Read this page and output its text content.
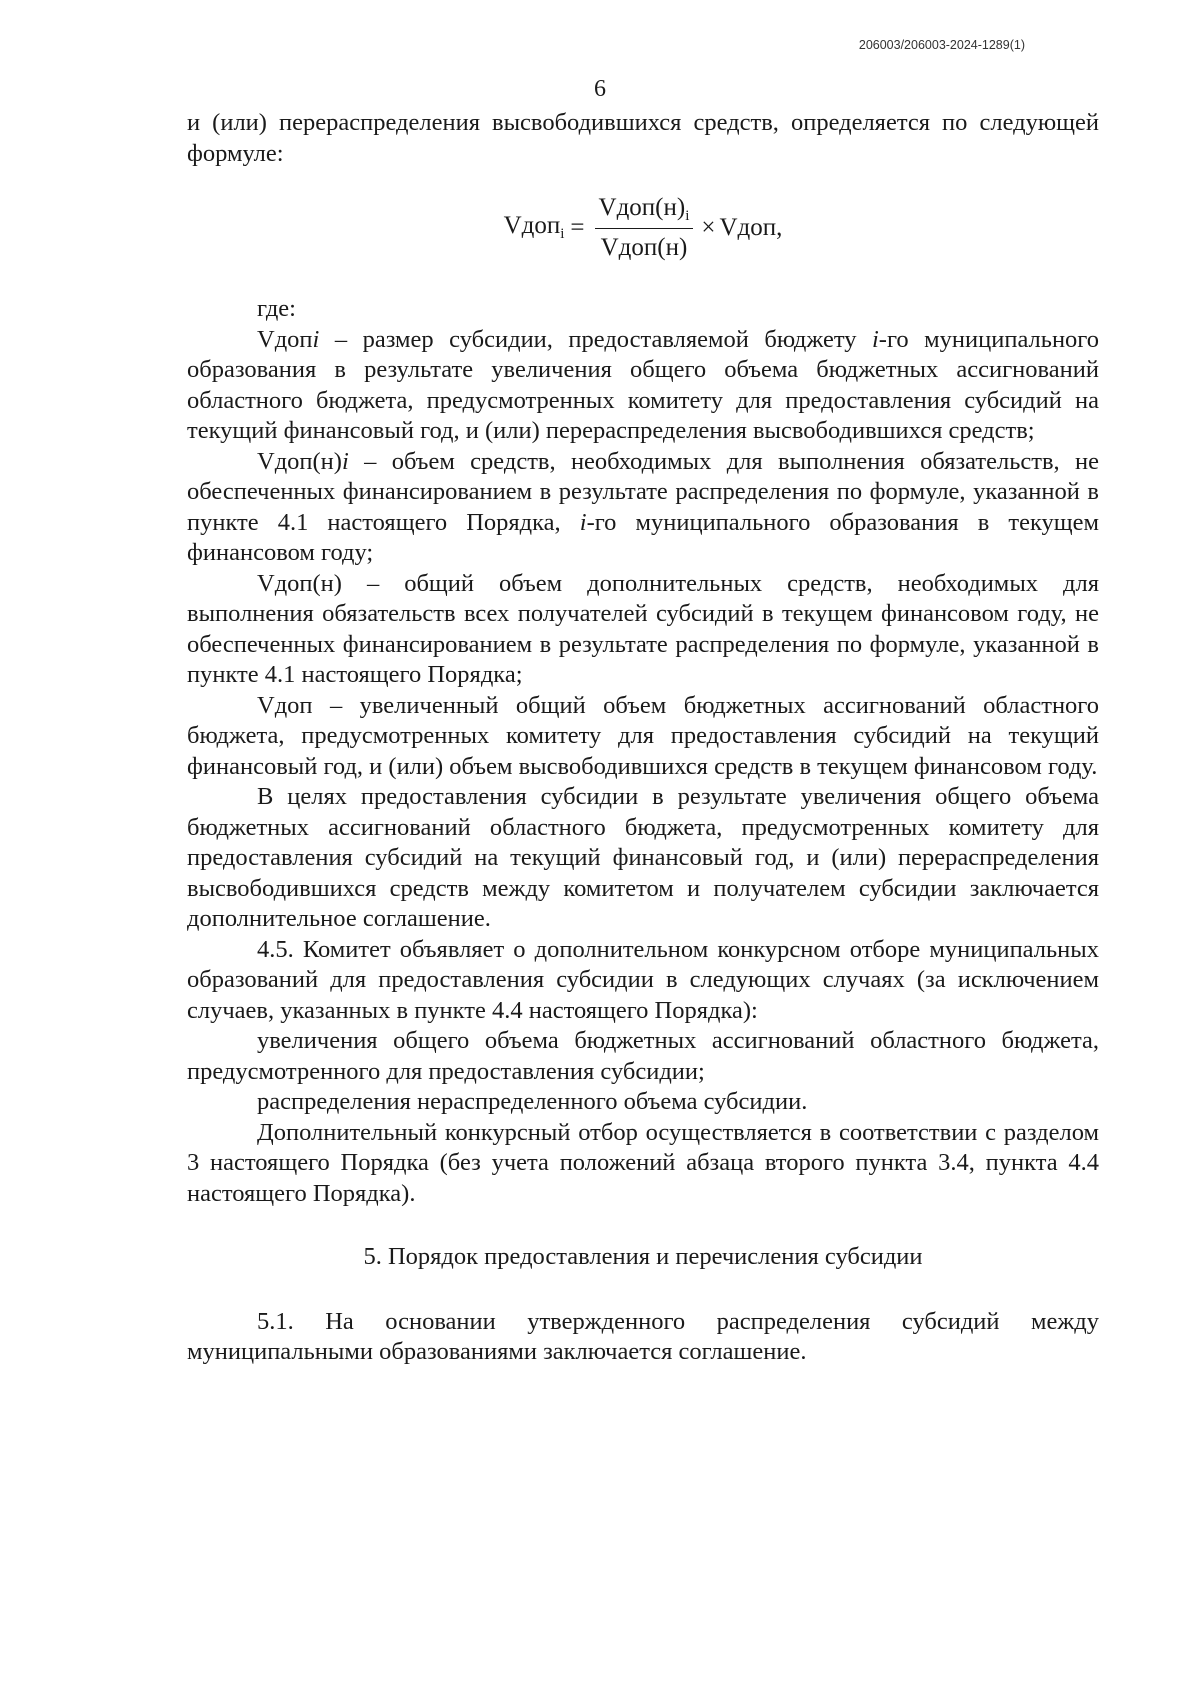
206003/206003-2024-1289(1)
6

и (или) перераспределения высвободившихся средств, определяется по следующей формуле:

Vдоп$_i$ = $\frac{Vдоп(н)_i}{\text{Vдоп(н)}}$ × Vдоп,

где:

Vдопi – размер субсидии, предоставляемой бюджету i-го муниципального образования в результате увеличения общего объема бюджетных ассигнований областного бюджета, предусмотренных комитету для предоставления субсидий на текущий финансовый год, и (или) перераспределения высвободившихся средств;

Vдоп(н)i – объем средств, необходимых для выполнения обязательств, не обеспеченных финансированием в результате распределения по формуле, указанной в пункте 4.1 настоящего Порядка, i-го муниципального образования в текущем финансовом году;

Vдоп(н) – общий объем дополнительных средств, необходимых для выполнения обязательств всех получателей субсидий в текущем финансовом году, не обеспеченных финансированием в результате распределения по формуле, указанной в пункте 4.1 настоящего Порядка;

Vдоп – увеличенный общий объем бюджетных ассигнований областного бюджета, предусмотренных комитету для предоставления субсидий на текущий финансовый год, и (или) объем высвободившихся средств в текущем финансовом году.

В целях предоставления субсидии в результате увеличения общего объема бюджетных ассигнований областного бюджета, предусмотренных комитету для предоставления субсидий на текущий финансовый год, и (или) перераспределения высвободившихся средств между комитетом и получателем субсидии заключается дополнительное соглашение.

4.5. Комитет объявляет о дополнительном конкурсном отборе муниципальных образований для предоставления субсидии в следующих случаях (за исключением случаев, указанных в пункте 4.4 настоящего Порядка):

увеличения общего объема бюджетных ассигнований областного бюджета, предусмотренного для предоставления субсидии;

распределения нераспределенного объема субсидии.

Дополнительный конкурсный отбор осуществляется в соответствии с разделом 3 настоящего Порядка (без учета положений абзаца второго пункта 3.4, пункта 4.4 настоящего Порядка).

5. Порядок предоставления и перечисления субсидии

5.1. На основании утвержденного распределения субсидий между муниципальными образованиями заключается соглашение.
